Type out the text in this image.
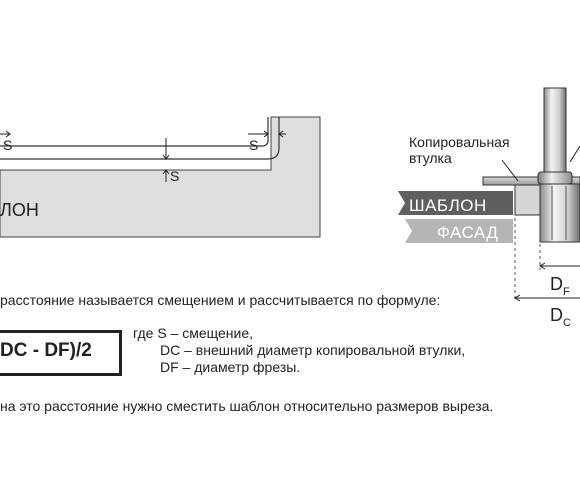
S	S
S
ЛОН	ШАБЛОН
ФАСАД
Копировальная
втулка
$D_F$
$D_C$
расстояние называется смещением и рассчитывается по формуле:
DC - DF)/2
где S – смещение,
DC – внешний диаметр копировальной втулки,
DF – диаметр фрезы.
на это расстояние нужно сместить шаблон относительно размеров выреза.
